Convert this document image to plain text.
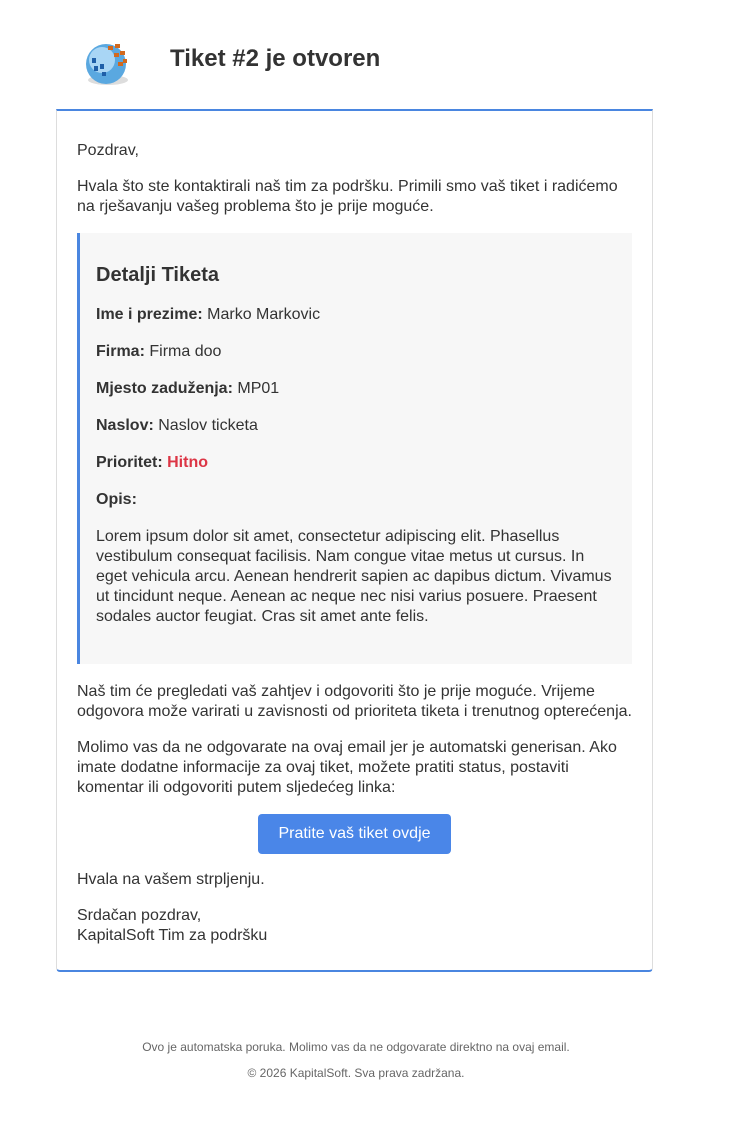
Tiket #2 je otvoren

Pozdrav,

Hvala što ste kontaktirali naš tim za podršku. Primili smo vaš tiket i radićemo na rješavanju vašeg problema što je prije moguće.

Detalji Tiketa

Ime i prezime: Marko Markovic

Firma: Firma doo

Mjesto zaduženja: MP01

Naslov: Naslov ticketa

Prioritet: Hitno

Opis:

Lorem ipsum dolor sit amet, consectetur adipiscing elit. Phasellus vestibulum consequat facilisis. Nam congue vitae metus ut cursus. In eget vehicula arcu. Aenean hendrerit sapien ac dapibus dictum. Vivamus ut tincidunt neque. Aenean ac neque nec nisi varius posuere. Praesent sodales auctor feugiat. Cras sit amet ante felis.

Naš tim će pregledati vaš zahtjev i odgovoriti što je prije moguće. Vrijeme odgovora može varirati u zavisnosti od prioriteta tiketa i trenutnog opterećenja.

Molimo vas da ne odgovarate na ovaj email jer je automatski generisan. Ako imate dodatne informacije za ovaj tiket, možete pratiti status, postaviti komentar ili odgovoriti putem sljedećeg linka:

Pratite vaš tiket ovdje

Hvala na vašem strpljenju.

Srdačan pozdrav,
KapitalSoft Tim za podršku

Ovo je automatska poruka. Molimo vas da ne odgovarate direktno na ovaj email.

© 2026 KapitalSoft. Sva prava zadržana.
